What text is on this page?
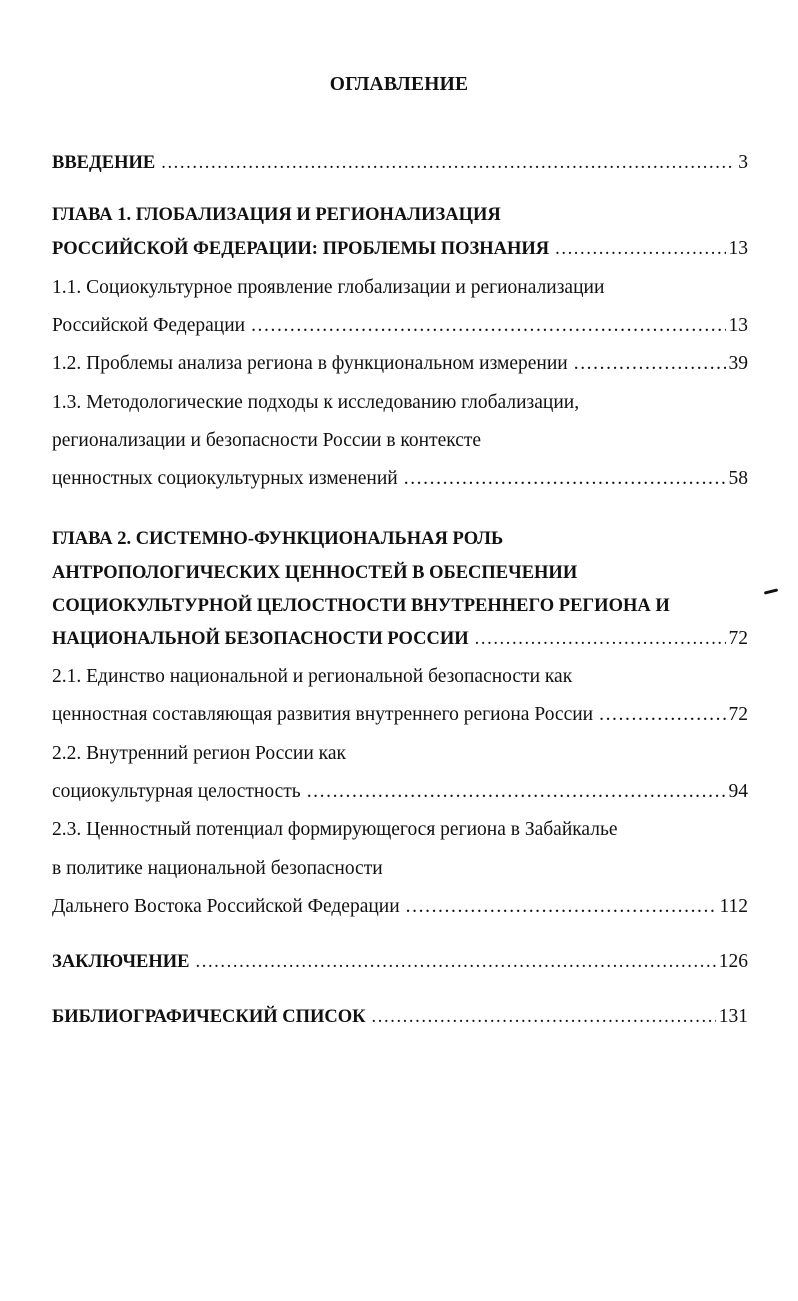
ОГЛАВЛЕНИЕ
ВВЕДЕНИЕ .....	3
ГЛАВА 1. ГЛОБАЛИЗАЦИЯ И РЕГИОНАЛИЗАЦИЯ
РОССИЙСКОЙ ФЕДЕРАЦИИ: ПРОБЛЕМЫ ПОЗНАНИЯ .....	13
1.1. Социокультурное проявление глобализации и регионализации
Российской Федерации .....	13
1.2. Проблемы анализа региона в функциональном измерении .....	39
1.3. Методологические подходы к исследованию глобализации,
регионализации и безопасности России в контексте
ценностных социокультурных изменений .....	58
ГЛАВА 2. СИСТЕМНО-ФУНКЦИОНАЛЬНАЯ РОЛЬ
АНТРОПОЛОГИЧЕСКИХ ЦЕННОСТЕЙ В ОБЕСПЕЧЕНИИ
СОЦИОКУЛЬТУРНОЙ ЦЕЛОСТНОСТИ ВНУТРЕННЕГО РЕГИОНА И
НАЦИОНАЛЬНОЙ БЕЗОПАСНОСТИ РОССИИ .....	72
2.1. Единство национальной и региональной безопасности как
ценностная составляющая развития внутреннего региона России .....	72
2.2. Внутренний регион России как
социокультурная целостность .....	94
2.3. Ценностный потенциал формирующегося региона в Забайкалье
в политике национальной безопасности
Дальнего Востока Российской Федерации .....	112
ЗАКЛЮЧЕНИЕ .....	126
БИБЛИОГРАФИЧЕСКИЙ СПИСОК .....	131
